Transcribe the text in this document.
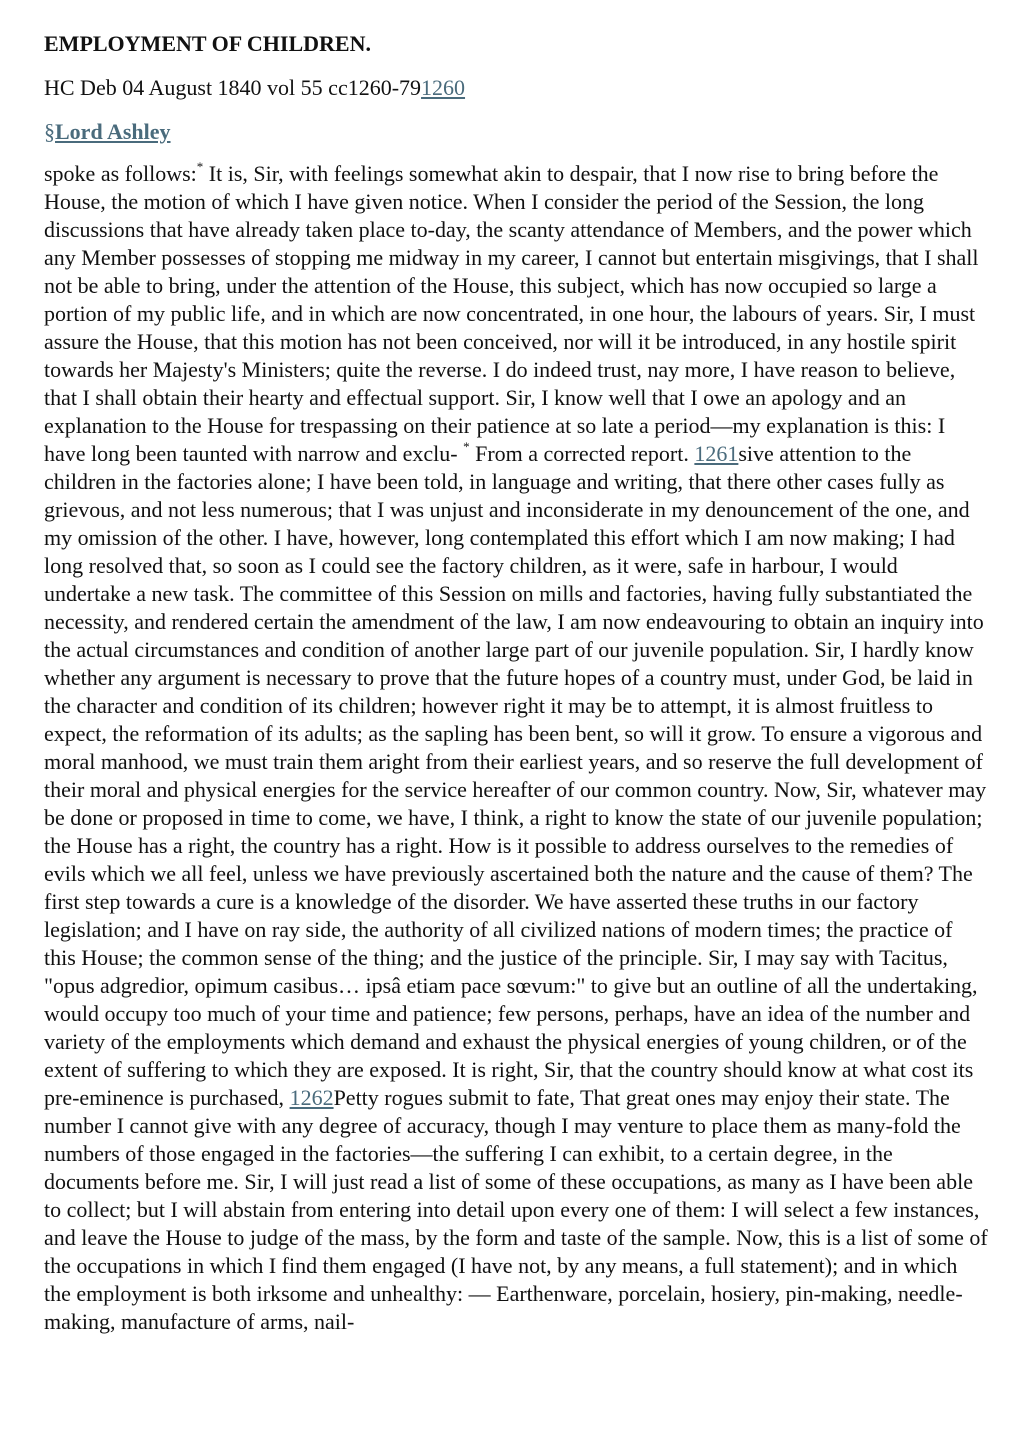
EMPLOYMENT OF CHILDREN.
HC Deb 04 August 1840 vol 55 cc1260-791260
§Lord Ashley
spoke as follows:* It is, Sir, with feelings somewhat akin to despair, that I now rise to bring before the House, the motion of which I have given notice. When I consider the period of the Session, the long discussions that have already taken place to-day, the scanty attendance of Members, and the power which any Member possesses of stopping me midway in my career, I cannot but entertain misgivings, that I shall not be able to bring, under the attention of the House, this subject, which has now occupied so large a portion of my public life, and in which are now concentrated, in one hour, the labours of years. Sir, I must assure the House, that this motion has not been conceived, nor will it be introduced, in any hostile spirit towards her Majesty's Ministers; quite the reverse. I do indeed trust, nay more, I have reason to believe, that I shall obtain their hearty and effectual support. Sir, I know well that I owe an apology and an explanation to the House for trespassing on their patience at so late a period—my explanation is this: I have long been taunted with narrow and exclu- * From a corrected report. 1261sive attention to the children in the factories alone; I have been told, in language and writing, that there other cases fully as grievous, and not less numerous; that I was unjust and inconsiderate in my denouncement of the one, and my omission of the other. I have, however, long contemplated this effort which I am now making; I had long resolved that, so soon as I could see the factory children, as it were, safe in harbour, I would undertake a new task. The committee of this Session on mills and factories, having fully substantiated the necessity, and rendered certain the amendment of the law, I am now endeavouring to obtain an inquiry into the actual circumstances and condition of another large part of our juvenile population. Sir, I hardly know whether any argument is necessary to prove that the future hopes of a country must, under God, be laid in the character and condition of its children; however right it may be to attempt, it is almost fruitless to expect, the reformation of its adults; as the sapling has been bent, so will it grow. To ensure a vigorous and moral manhood, we must train them aright from their earliest years, and so reserve the full development of their moral and physical energies for the service hereafter of our common country. Now, Sir, whatever may be done or proposed in time to come, we have, I think, a right to know the state of our juvenile population; the House has a right, the country has a right. How is it possible to address ourselves to the remedies of evils which we all feel, unless we have previously ascertained both the nature and the cause of them? The first step towards a cure is a knowledge of the disorder. We have asserted these truths in our factory legislation; and I have on ray side, the authority of all civilized nations of modern times; the practice of this House; the common sense of the thing; and the justice of the principle. Sir, I may say with Tacitus, "opus adgredior, opimum casibus… ipsâ etiam pace sœvum:" to give but an outline of all the undertaking, would occupy too much of your time and patience; few persons, perhaps, have an idea of the number and variety of the employments which demand and exhaust the physical energies of young children, or of the extent of suffering to which they are exposed. It is right, Sir, that the country should know at what cost its pre-eminence is purchased, 1262Petty rogues submit to fate, That great ones may enjoy their state. The number I cannot give with any degree of accuracy, though I may venture to place them as many-fold the numbers of those engaged in the factories—the suffering I can exhibit, to a certain degree, in the documents before me. Sir, I will just read a list of some of these occupations, as many as I have been able to collect; but I will abstain from entering into detail upon every one of them: I will select a few instances, and leave the House to judge of the mass, by the form and taste of the sample. Now, this is a list of some of the occupations in which I find them engaged (I have not, by any means, a full statement); and in which the employment is both irksome and unhealthy: — Earthenware, porcelain, hosiery, pin-making, needle-making, manufacture of arms, nail-
